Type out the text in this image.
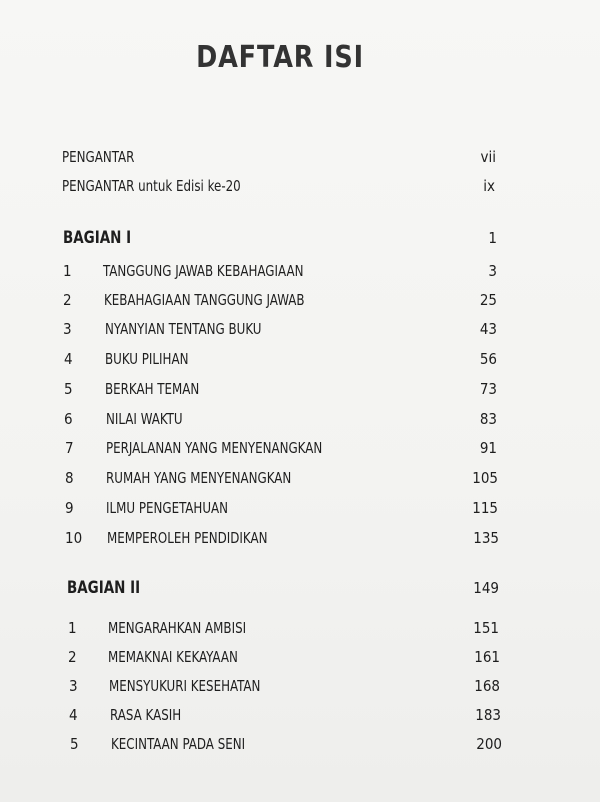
DAFTAR ISI
PENGANTAR	vii
PENGANTAR untuk Edisi ke-20	ix
BAGIAN I	1
1	TANGGUNG JAWAB KEBAHAGIAAN	3
2	KEBAHAGIAAN TANGGUNG JAWAB	25
3	NYANYIAN TENTANG BUKU	43
4	BUKU PILIHAN	56
5	BERKAH TEMAN	73
6	NILAI WAKTU	83
7	PERJALANAN YANG MENYENANGKAN	91
8	RUMAH YANG MENYENANGKAN	105
9	ILMU PENGETAHUAN	115
10	MEMPEROLEH PENDIDIKAN	135
BAGIAN II	149
1	MENGARAHKAN AMBISI	151
2	MEMAKNAI KEKAYAAN	161
3	MENSYUKURI KESEHATAN	168
4	RASA KASIH	183
5	KECINTAAN PADA SENI	200
